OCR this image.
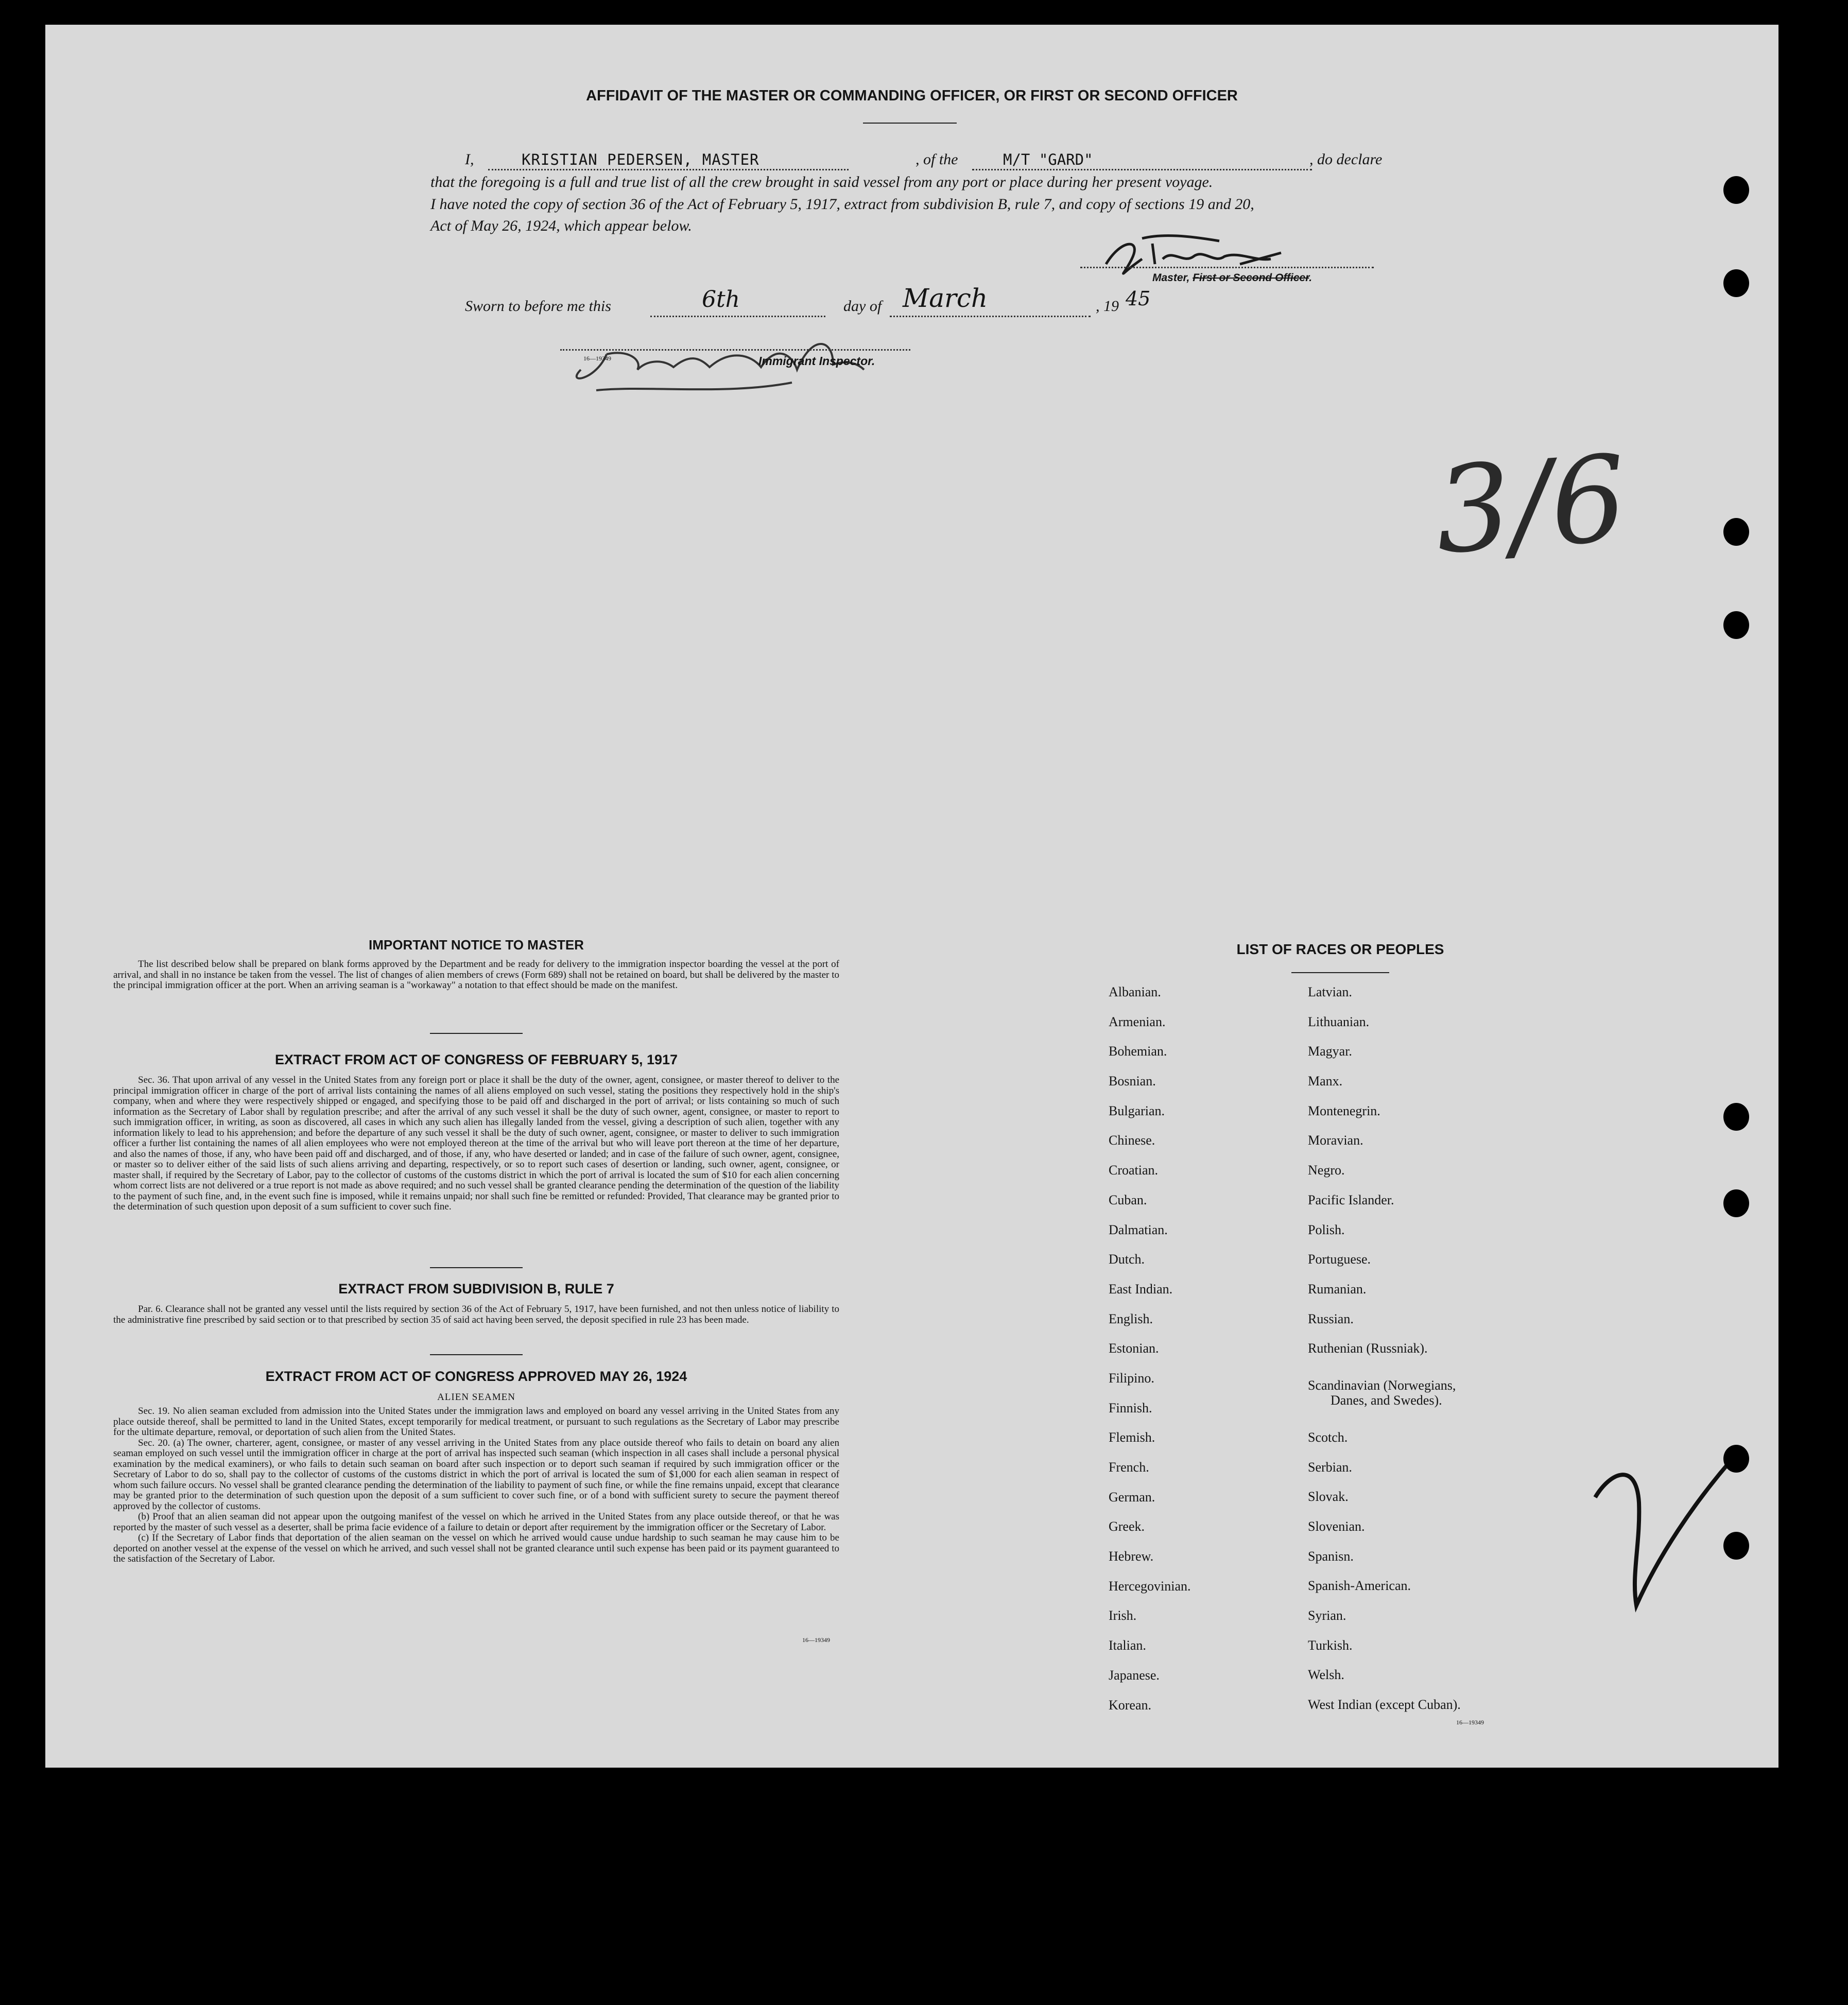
AFFIDAVIT OF THE MASTER OR COMMANDING OFFICER, OR FIRST OR SECOND OFFICER
I,	KRISTIAN PEDERSEN, MASTER	, of the	M/T "GARD"	, do declare
that the foregoing is a full and true list of all the crew brought in said vessel from any port or place during her present voyage.
I have noted the copy of section 36 of the Act of February 5, 1917, extract from subdivision B, rule 7, and copy of sections 19 and 20,
Act of May 26, 1924, which appear below.
Master, First or Second Officer.
Sworn to before me this	6th	day of March	, 19 45
16—19349	Immigrant Inspector.
3/6
IMPORTANT NOTICE TO MASTER
The list described below shall be prepared on blank forms approved by the Department and be ready for delivery to the immigration inspector boarding the vessel at the port of arrival, and shall in no instance be taken from the vessel. The list of changes of alien members of crews (Form 689) shall not be retained on board, but shall be delivered by the master to the principal immigration officer at the port. When an arriving seaman is a "workaway" a notation to that effect should be made on the manifest.
EXTRACT FROM ACT OF CONGRESS OF FEBRUARY 5, 1917
Sec. 36. That upon arrival of any vessel in the United States from any foreign port or place it shall be the duty of the owner, agent, consignee, or master thereof to deliver to the principal immigration officer in charge of the port of arrival lists containing the names of all aliens employed on such vessel, stating the positions they respectively hold in the ship's company, when and where they were respectively shipped or engaged, and specifying those to be paid off and discharged in the port of arrival; or lists containing so much of such information as the Secretary of Labor shall by regulation prescribe; and after the arrival of any such vessel it shall be the duty of such owner, agent, consignee, or master to report to such immigration officer, in writing, as soon as discovered, all cases in which any such alien has illegally landed from the vessel, giving a description of such alien, together with any information likely to lead to his apprehension; and before the departure of any such vessel it shall be the duty of such owner, agent, consignee, or master to deliver to such immigration officer a further list containing the names of all alien employees who were not employed thereon at the time of the arrival but who will leave port thereon at the time of her departure, and also the names of those, if any, who have been paid off and discharged, and of those, if any, who have deserted or landed; and in case of the failure of such owner, agent, consignee, or master so to deliver either of the said lists of such aliens arriving and departing, respectively, or so to report such cases of desertion or landing, such owner, agent, consignee, or master shall, if required by the Secretary of Labor, pay to the collector of customs of the customs district in which the port of arrival is located the sum of $10 for each alien concerning whom correct lists are not delivered or a true report is not made as above required; and no such vessel shall be granted clearance pending the determination of the question of the liability to the payment of such fine, and, in the event such fine is imposed, while it remains unpaid; nor shall such fine be remitted or refunded: Provided, That clearance may be granted prior to the determination of such question upon deposit of a sum sufficient to cover such fine.
EXTRACT FROM SUBDIVISION B, RULE 7
Par. 6. Clearance shall not be granted any vessel until the lists required by section 36 of the Act of February 5, 1917, have been furnished, and not then unless notice of liability to the administrative fine prescribed by said section or to that prescribed by section 35 of said act having been served, the deposit specified in rule 23 has been made.
EXTRACT FROM ACT OF CONGRESS APPROVED MAY 26, 1924
ALIEN SEAMEN
Sec. 19. No alien seaman excluded from admission into the United States under the immigration laws and employed on board any vessel arriving in the United States from any place outside thereof, shall be permitted to land in the United States, except temporarily for medical treatment, or pursuant to such regulations as the Secretary of Labor may prescribe for the ultimate departure, removal, or deportation of such alien from the United States.
Sec. 20. (a) The owner, charterer, agent, consignee, or master of any vessel arriving in the United States from any place outside thereof who fails to detain on board any alien seaman employed on such vessel until the immigration officer in charge at the port of arrival has inspected such seaman (which inspection in all cases shall include a personal physical examination by the medical examiners), or who fails to detain such seaman on board after such inspection or to deport such seaman if required by such immigration officer or the Secretary of Labor to do so, shall pay to the collector of customs of the customs district in which the port of arrival is located the sum of $1,000 for each alien seaman in respect of whom such failure occurs. No vessel shall be granted clearance pending the determination of the liability to payment of such fine, or while the fine remains unpaid, except that clearance may be granted prior to the determination of such question upon the deposit of a sum sufficient to cover such fine, or of a bond with sufficient surety to secure the payment thereof approved by the collector of customs.
(b) Proof that an alien seaman did not appear upon the outgoing manifest of the vessel on which he arrived in the United States from any place outside thereof, or that he was reported by the master of such vessel as a deserter, shall be prima facie evidence of a failure to detain or deport after requirement by the immigration officer or the Secretary of Labor.
(c) If the Secretary of Labor finds that deportation of the alien seaman on the vessel on which he arrived would cause undue hardship to such seaman he may cause him to be deported on another vessel at the expense of the vessel on which he arrived, and such vessel shall not be granted clearance until such expense has been paid or its payment guaranteed to the satisfaction of the Secretary of Labor.
16—19349
LIST OF RACES OR PEOPLES
Albanian.
Armenian.
Bohemian.
Bosnian.
Bulgarian.
Chinese.
Croatian.
Cuban.
Dalmatian.
Dutch.
East Indian.
English.
Estonian.
Filipino.
Finnish.
Flemish.
French.
German.
Greek.
Hebrew.
Hercegovinian.
Irish.
Italian.
Japanese.
Korean.
Latvian.
Lithuanian.
Magyar.
Manx.
Montenegrin.
Moravian.
Negro.
Pacific Islander.
Polish.
Portuguese.
Rumanian.
Russian.
Ruthenian (Russniak).
Scandinavian (Norwegians,
Danes, and Swedes).
Scotch.
Serbian.
Slovak.
Slovenian.
Spanisn.
Spanish-American.
Syrian.
Turkish.
Welsh.
West Indian (except Cuban).
16—19349
